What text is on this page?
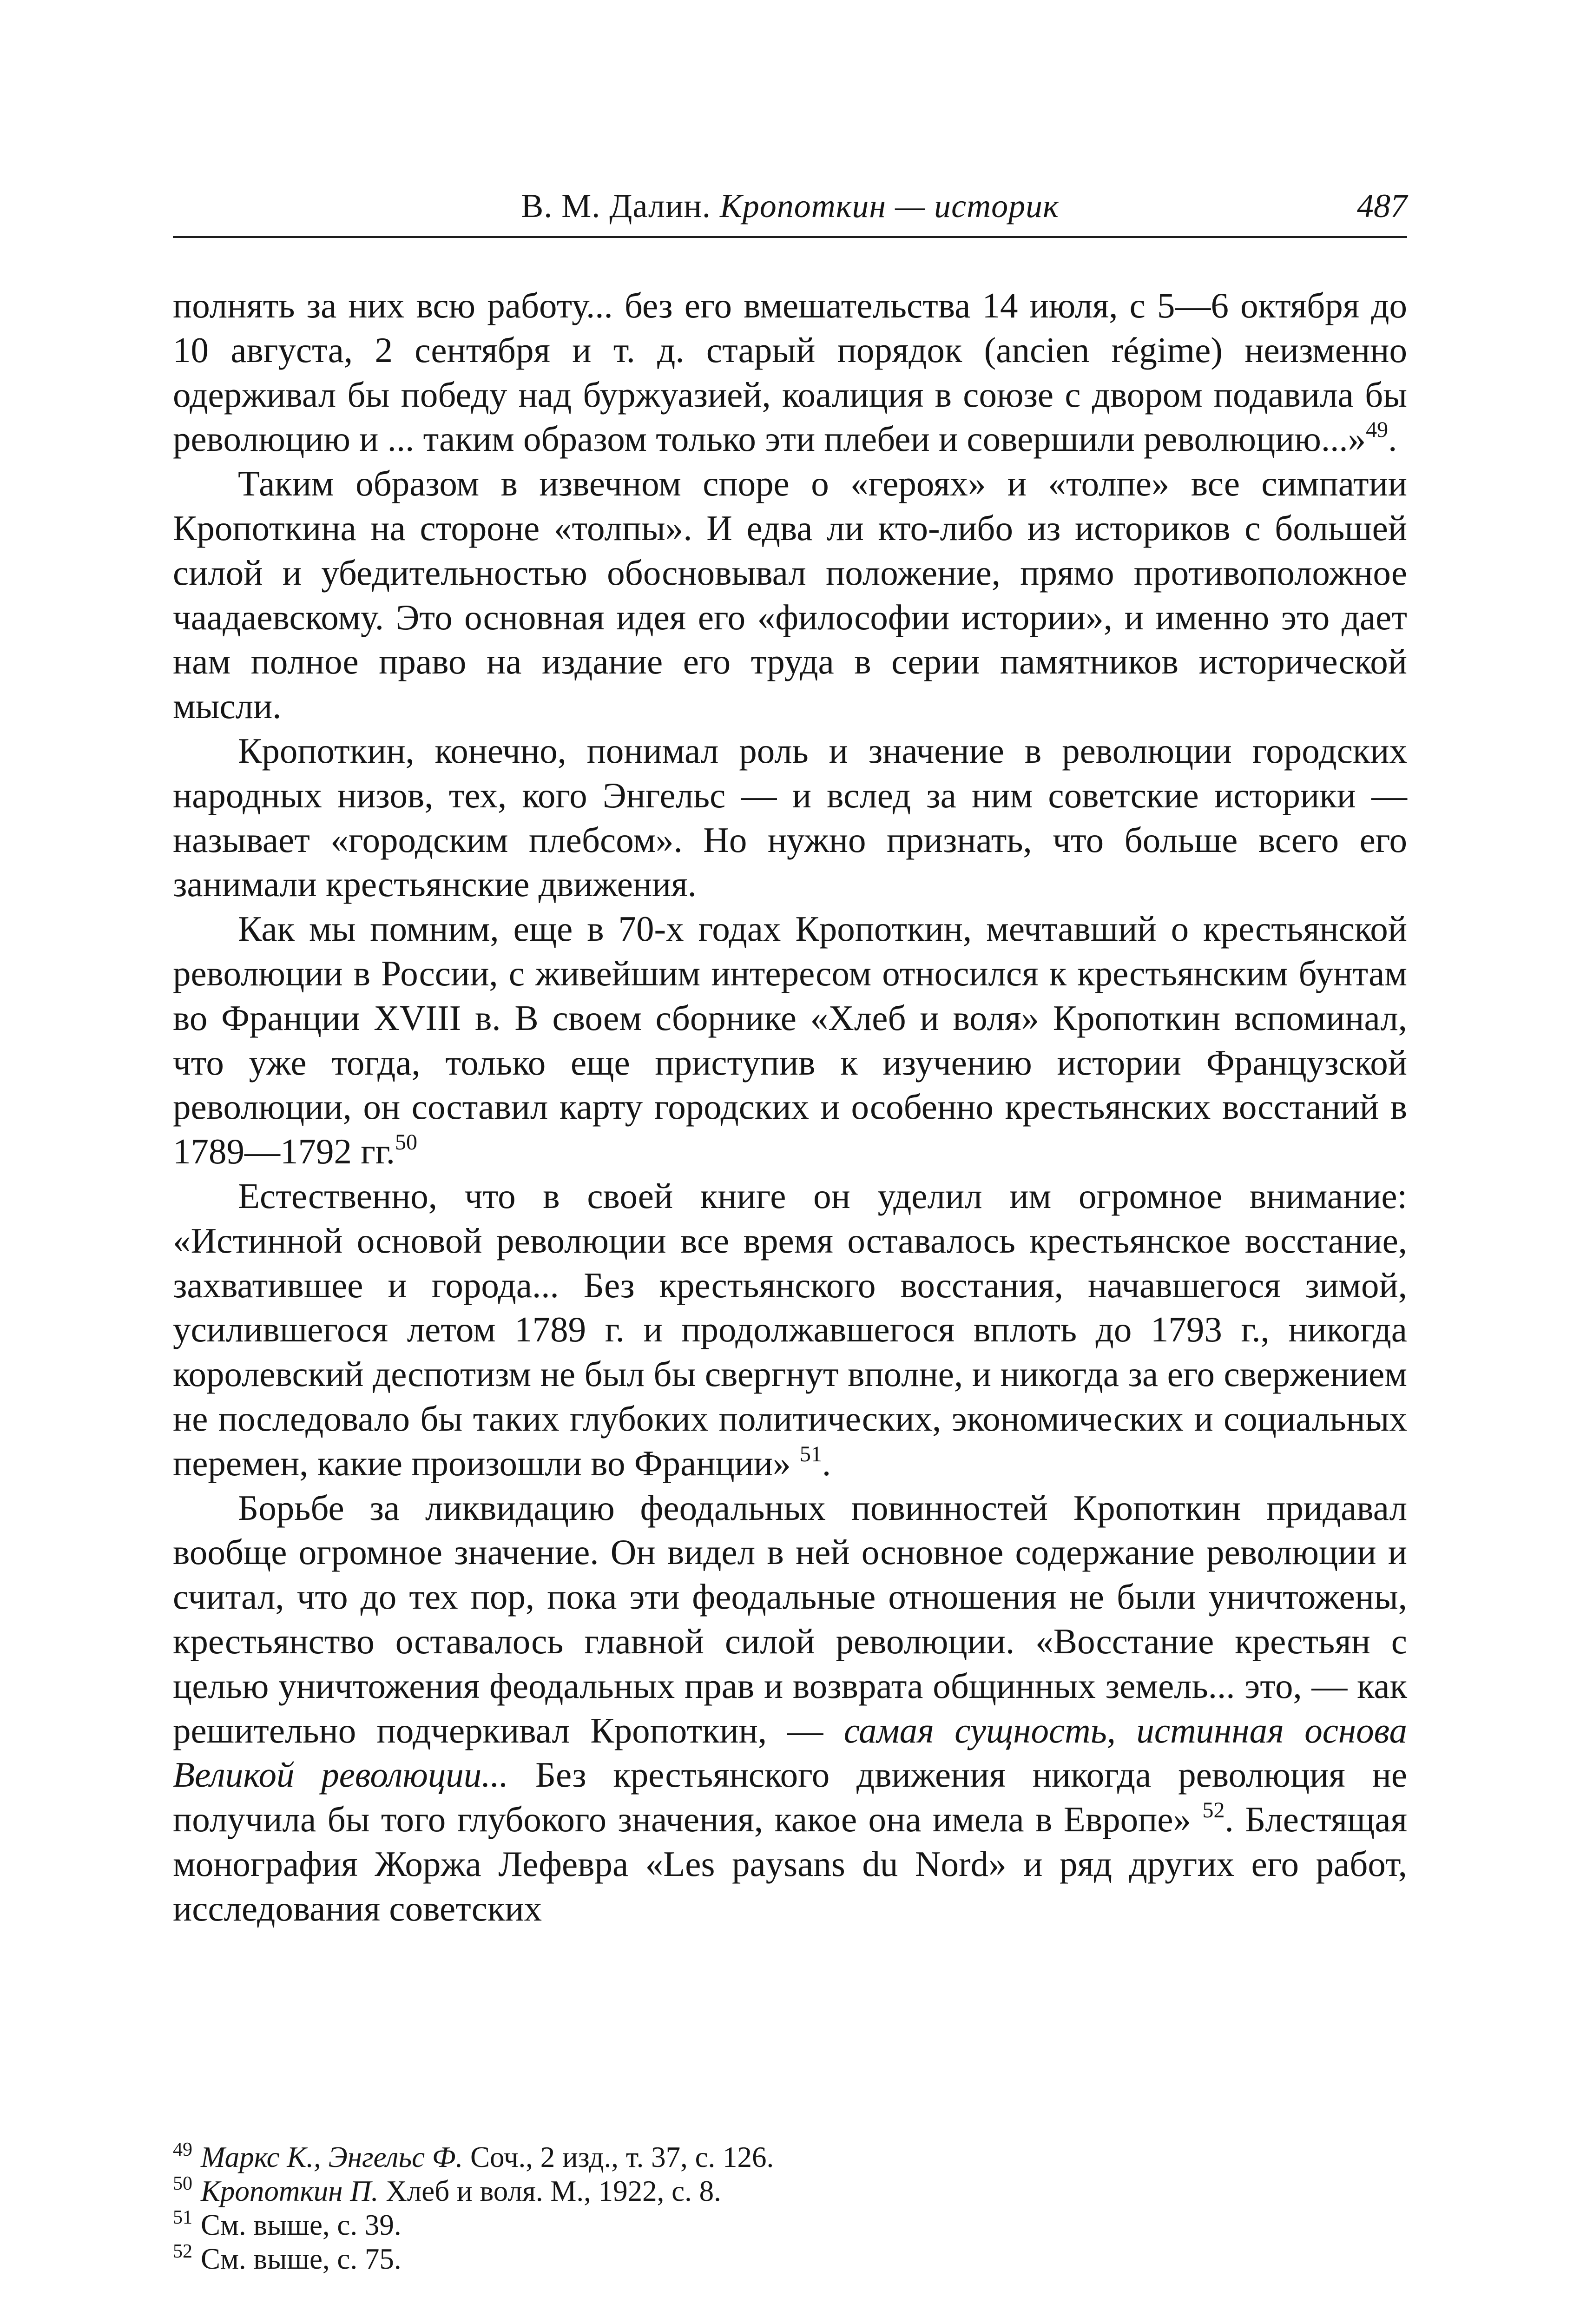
В. М. Далин. Кропоткин — историк	487

полнять за них всю работу... без его вмешательства 14 июля, с 5—6 октября до 10 августа, 2 сентября и т. д. старый порядок (ancien régime) неизменно одерживал бы победу над буржуазией, коалиция в союзе с двором подавила бы революцию и ... таким образом только эти плебеи и совершили революцию...»$^{49}$.

Таким образом в извечном споре о «героях» и «толпе» все симпатии Кропоткина на стороне «толпы». И едва ли кто-либо из историков с большей силой и убедительностью обосновывал положение, прямо противоположное чаадаевскому. Это основная идея его «философии истории», и именно это дает нам полное право на издание его труда в серии памятников исторической мысли.

Кропоткин, конечно, понимал роль и значение в революции городских народных низов, тех, кого Энгельс — и вслед за ним советские историки — называет «городским плебсом». Но нужно признать, что больше всего его занимали крестьянские движения.

Как мы помним, еще в 70-х годах Кропоткин, мечтавший о крестьянской революции в России, с живейшим интересом относился к крестьянским бунтам во Франции XVIII в. В своем сборнике «Хлеб и воля» Кропоткин вспоминал, что уже тогда, только еще приступив к изучению истории Французской революции, он составил карту городских и особенно крестьянских восстаний в 1789—1792 гг.$^{50}$

Естественно, что в своей книге он уделил им огромное внимание: «Истинной основой революции все время оставалось крестьянское восстание, захватившее и города... Без крестьянского восстания, начавшегося зимой, усилившегося летом 1789 г. и продолжавшегося вплоть до 1793 г., никогда королевский деспотизм не был бы свергнут вполне, и никогда за его свержением не последовало бы таких глубоких политических, экономических и социальных перемен, какие произошли во Франции» $^{51}$.

Борьбе за ликвидацию феодальных повинностей Кропоткин придавал вообще огромное значение. Он видел в ней основное содержание революции и считал, что до тех пор, пока эти феодальные отношения не были уничтожены, крестьянство оставалось главной силой революции. «Восстание крестьян с целью уничтожения феодальных прав и возврата общинных земель... это, — как решительно подчеркивал Кропоткин, — самая сущность, истинная основа Великой революции... Без крестьянского движения никогда революция не получила бы того глубокого значения, какое она имела в Европе» $^{52}$. Блестящая монография Жоржа Лефевра «Les paysans du Nord» и ряд других его работ, исследования советских

$^{49}$ Маркс К., Энгельс Ф. Соч., 2 изд., т. 37, с. 126.

$^{50}$ Кропоткин П. Хлеб и воля. М., 1922, с. 8.

$^{51}$ См. выше, с. 39.

$^{52}$ См. выше, с. 75.
